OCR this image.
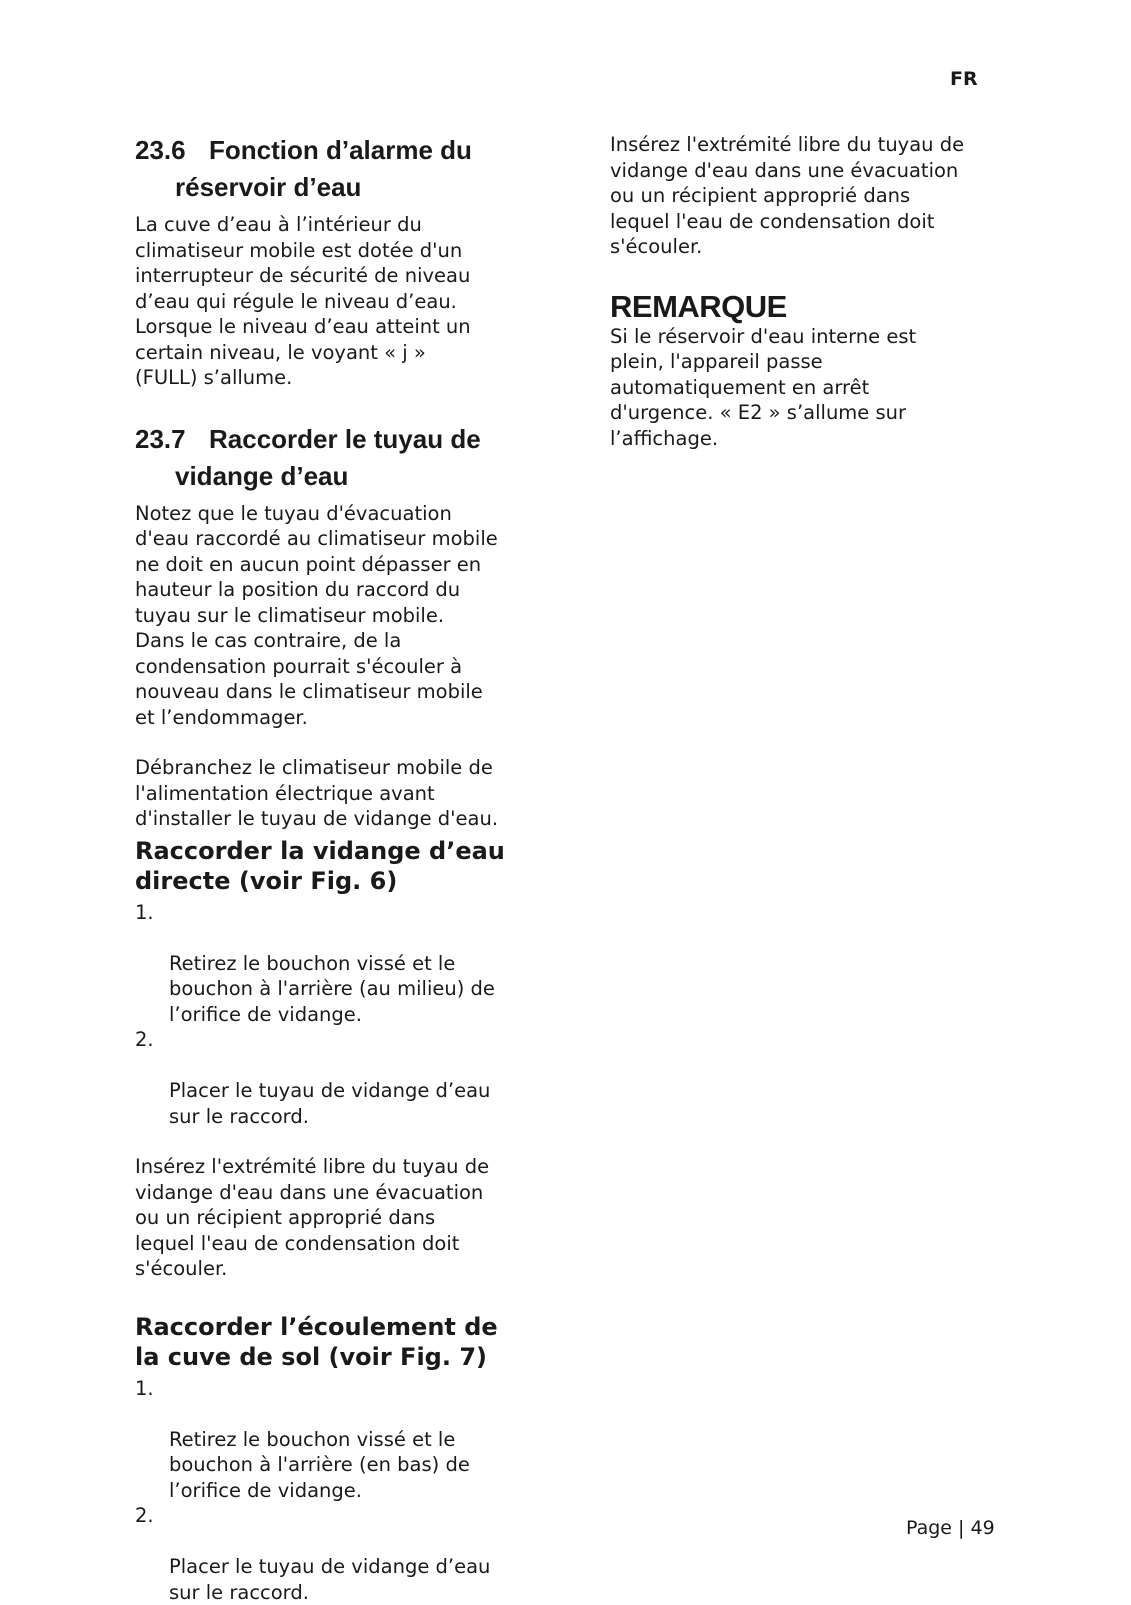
FR
23.6 Fonction d’alarme du
réservoir d’eau

La cuve d’eau à l’intérieur du
climatiseur mobile est dotée d'un
interrupteur de sécurité de niveau
d’eau qui régule le niveau d’eau.
Lorsque le niveau d’eau atteint un
certain niveau, le voyant « j »
(FULL) s’allume.

23.7 Raccorder le tuyau de
vidange d’eau

Notez que le tuyau d'évacuation
d'eau raccordé au climatiseur mobile
ne doit en aucun point dépasser en
hauteur la position du raccord du
tuyau sur le climatiseur mobile.
Dans le cas contraire, de la
condensation pourrait s'écouler à
nouveau dans le climatiseur mobile
et l’endommager.

Débranchez le climatiseur mobile de
l'alimentation électrique avant
d'installer le tuyau de vidange d'eau.

Raccorder la vidange d’eau
directe (voir Fig. 6)

1.

Retirez le bouchon vissé et le
bouchon à l'arrière (au milieu) de
l’orifice de vidange.

2.

Placer le tuyau de vidange d’eau
sur le raccord.

Insérez l'extrémité libre du tuyau de
vidange d'eau dans une évacuation
ou un récipient approprié dans
lequel l'eau de condensation doit
s'écouler.

Raccorder l’écoulement de
la cuve de sol (voir Fig. 7)

1.

Retirez le bouchon vissé et le
bouchon à l'arrière (en bas) de
l’orifice de vidange.

2.

Placer le tuyau de vidange d’eau
sur le raccord.

Insérez l'extrémité libre du tuyau de
vidange d'eau dans une évacuation
ou un récipient approprié dans
lequel l'eau de condensation doit
s'écouler.

REMARQUE

Si le réservoir d'eau interne est
plein, l'appareil passe
automatiquement en arrêt
d'urgence. « E2 » s’allume sur
l’affichage.

Page | 49
